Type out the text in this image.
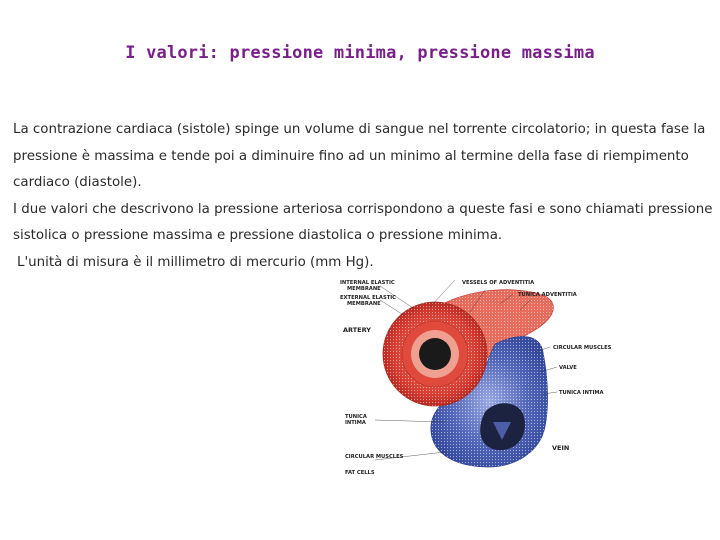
I valori: pressione minima, pressione massima

La contrazione cardiaca (sistole) spinge un volume di sangue nel torrente circolatorio; in questa fase la pressione è massima e tende poi a diminuire fino ad un minimo al termine della fase di riempimento cardiaco (diastole).

I due valori che descrivono la pressione arteriosa corrispondono a queste fasi e sono chiamati pressione sistolica o pressione massima e pressione diastolica o pressione minima.

L'unità di misura è il millimetro di mercurio (mm Hg).

VESSELS OF ADVENTITIA
TUNICA ADVENTITIA
INTERNAL ELASTIC
MEMBRANE
EXTERNAL ELASTIC
MEMBRANE
ARTERY
CIRCULAR MUSCLES
VALVE
TUNICA INTIMA
TUNICA
INTIMA
VEIN
CIRCULAR MUSCLES
FAT CELLS
